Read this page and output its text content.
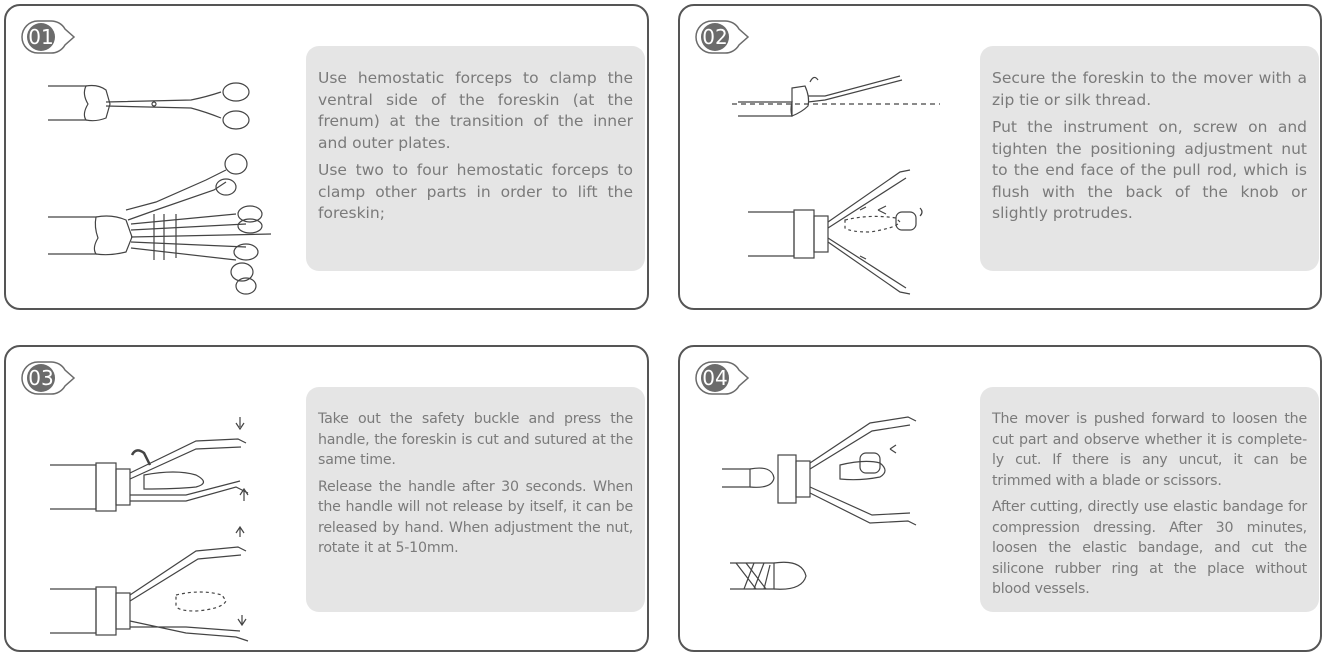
01

Use hemostatic forceps to clamp the ventral side of the foreskin (at the frenum) at the transition of the inner and outer plates.

Use two to four hemostatic forceps to clamp other parts in order to lift the foreskin;

02

Secure the foreskin to the mover with a zip tie or silk thread.

Put the instrument on, screw on and tighten the positioning adjustment nut to the end face of the pull rod, which is flush with the back of the knob or slightly protrudes.

03

Take out the safety buckle and press the handle, the foreskin is cut and sutured at the same time.

Release the handle after 30 seconds. When the handle will not release by itself, it can be released by hand. When adjustment the nut, rotate it at 5-10mm.

04

The mover is pushed forward to loosen the cut part and observe whether it is complete-ly cut. If there is any uncut, it can be trimmed with a blade or scissors.

After cutting, directly use elastic bandage for compression dressing. After 30 minutes, loosen the elastic bandage, and cut the silicone rubber ring at the place without blood vessels.
